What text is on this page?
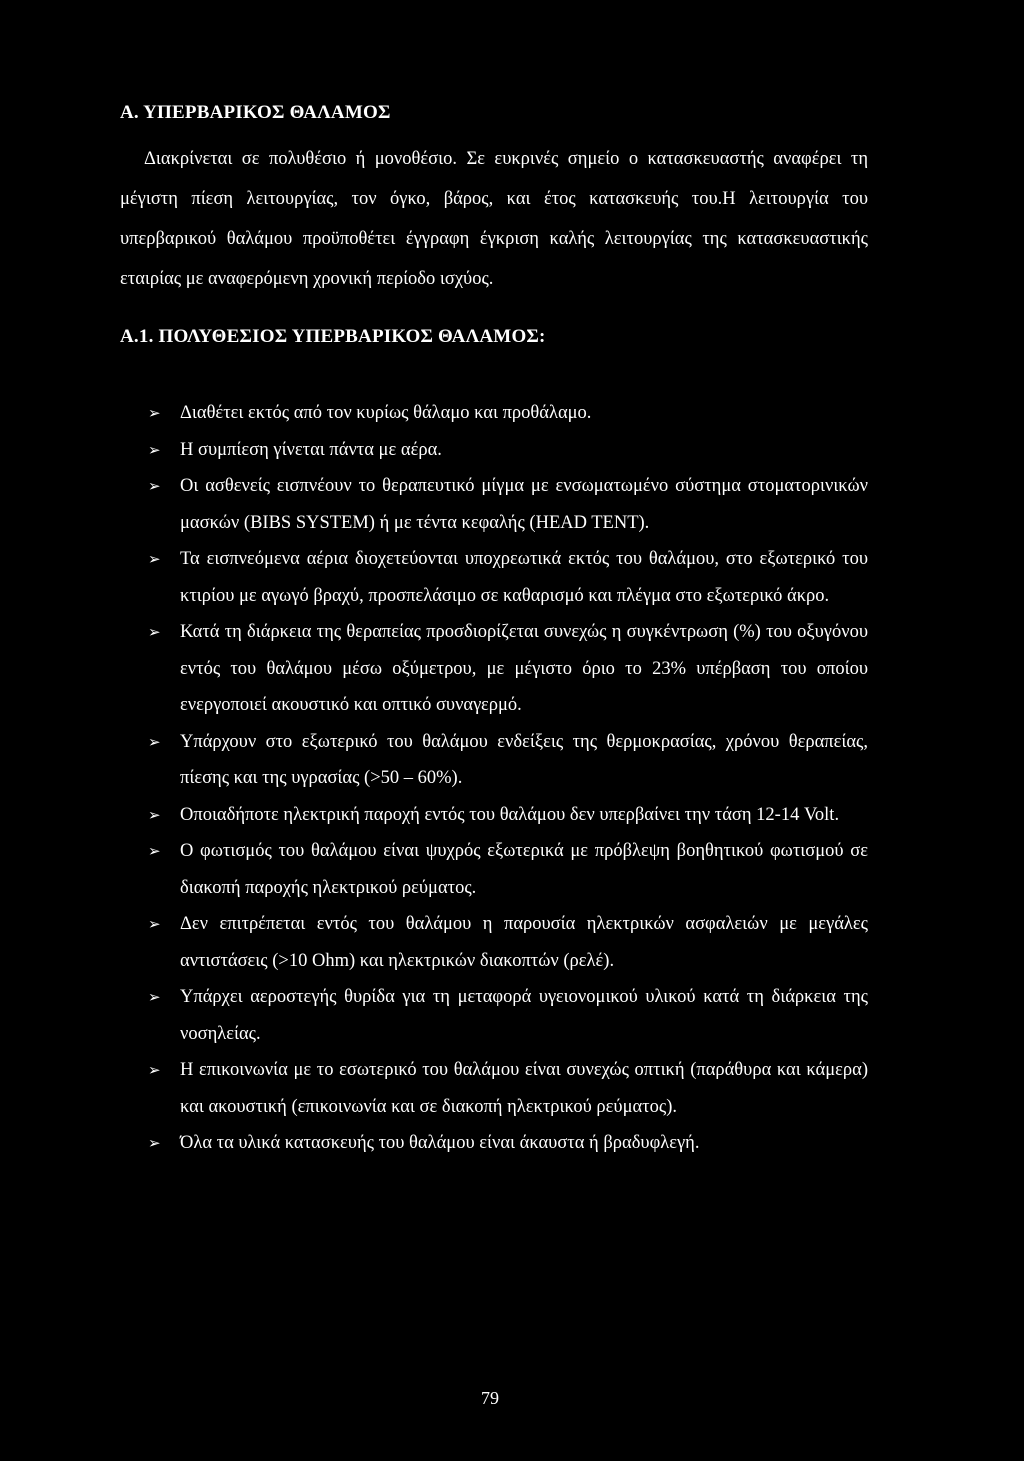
Α. ΥΠΕΡΒΑΡΙΚΟΣ ΘΑΛΑΜΟΣ
Διακρίνεται σε πολυθέσιο ή μονοθέσιο. Σε ευκρινές σημείο ο κατασκευαστής αναφέρει τη μέγιστη πίεση λειτουργίας, τον όγκο, βάρος, και έτος κατασκευής του.Η λειτουργία του υπερβαρικού θαλάμου προϋποθέτει έγγραφη έγκριση καλής λειτουργίας της κατασκευαστικής εταιρίας με αναφερόμενη χρονική περίοδο ισχύος.
Α.1. ΠΟΛΥΘΕΣΙΟΣ ΥΠΕΡΒΑΡΙΚΟΣ ΘΑΛΑΜΟΣ:
➢ Διαθέτει εκτός από τον κυρίως θάλαμο και προθάλαμο.
➢ Η συμπίεση γίνεται πάντα με αέρα.
➢ Οι ασθενείς εισπνέουν το θεραπευτικό μίγμα με ενσωματωμένο σύστημα στοματορινικών μασκών (BIBS SYSTEM) ή με τέντα κεφαλής (HEAD TENT).
➢ Τα εισπνεόμενα αέρια διοχετεύονται υποχρεωτικά εκτός του θαλάμου, στο εξωτερικό του κτιρίου με αγωγό βραχύ, προσπελάσιμο σε καθαρισμό και πλέγμα στο εξωτερικό άκρο.
➢ Κατά τη διάρκεια της θεραπείας προσδιορίζεται συνεχώς η συγκέντρωση (%) του οξυγόνου εντός του θαλάμου μέσω οξύμετρου, με μέγιστο όριο το 23% υπέρβαση του οποίου ενεργοποιεί ακουστικό και οπτικό συναγερμό.
➢ Υπάρχουν στο εξωτερικό του θαλάμου ενδείξεις της θερμοκρασίας, χρόνου θεραπείας, πίεσης και της υγρασίας (>50 – 60%).
➢ Οποιαδήποτε ηλεκτρική παροχή εντός του θαλάμου δεν υπερβαίνει την τάση 12-14 Volt.
➢ Ο φωτισμός του θαλάμου είναι ψυχρός εξωτερικά με πρόβλεψη βοηθητικού φωτισμού σε διακοπή παροχής ηλεκτρικού ρεύματος.
➢ Δεν επιτρέπεται εντός του θαλάμου η παρουσία ηλεκτρικών ασφαλειών με μεγάλες αντιστάσεις (>10 Ohm) και ηλεκτρικών διακοπτών (ρελέ).
➢ Υπάρχει αεροστεγής θυρίδα για τη μεταφορά υγειονομικού υλικού κατά τη διάρκεια της νοσηλείας.
➢ Η επικοινωνία με το εσωτερικό του θαλάμου είναι συνεχώς οπτική (παράθυρα και κάμερα) και ακουστική (επικοινωνία και σε διακοπή ηλεκτρικού ρεύματος).
➢ Όλα τα υλικά κατασκευής του θαλάμου είναι άκαυστα ή βραδυφλεγή.
79
